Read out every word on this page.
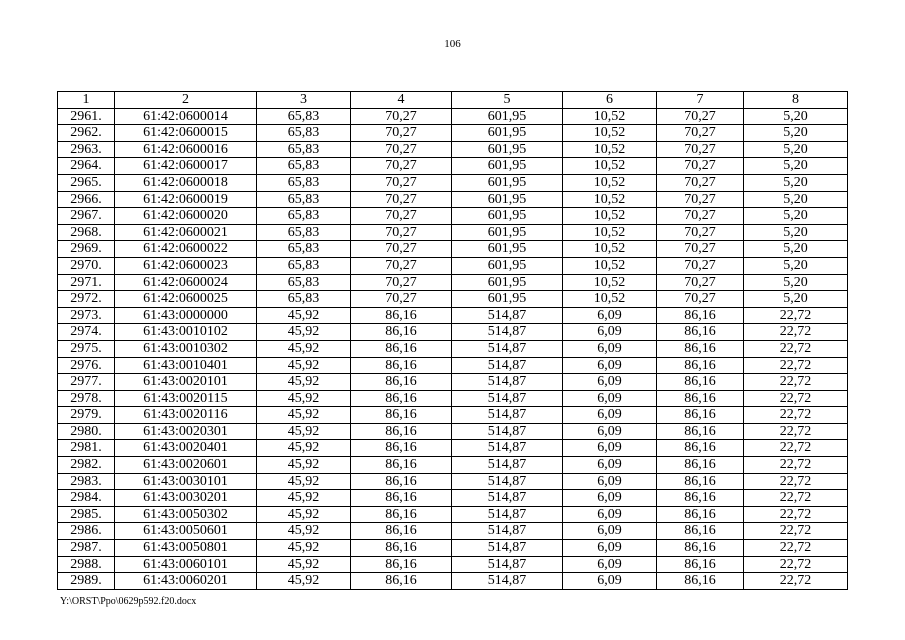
106
1	2	3	4	5	6	7	8
2961.	61:42:0600014	65,83	70,27	601,95	10,52	70,27	5,20
2962.	61:42:0600015	65,83	70,27	601,95	10,52	70,27	5,20
2963.	61:42:0600016	65,83	70,27	601,95	10,52	70,27	5,20
2964.	61:42:0600017	65,83	70,27	601,95	10,52	70,27	5,20
2965.	61:42:0600018	65,83	70,27	601,95	10,52	70,27	5,20
2966.	61:42:0600019	65,83	70,27	601,95	10,52	70,27	5,20
2967.	61:42:0600020	65,83	70,27	601,95	10,52	70,27	5,20
2968.	61:42:0600021	65,83	70,27	601,95	10,52	70,27	5,20
2969.	61:42:0600022	65,83	70,27	601,95	10,52	70,27	5,20
2970.	61:42:0600023	65,83	70,27	601,95	10,52	70,27	5,20
2971.	61:42:0600024	65,83	70,27	601,95	10,52	70,27	5,20
2972.	61:42:0600025	65,83	70,27	601,95	10,52	70,27	5,20
2973.	61:43:0000000	45,92	86,16	514,87	6,09	86,16	22,72
2974.	61:43:0010102	45,92	86,16	514,87	6,09	86,16	22,72
2975.	61:43:0010302	45,92	86,16	514,87	6,09	86,16	22,72
2976.	61:43:0010401	45,92	86,16	514,87	6,09	86,16	22,72
2977.	61:43:0020101	45,92	86,16	514,87	6,09	86,16	22,72
2978.	61:43:0020115	45,92	86,16	514,87	6,09	86,16	22,72
2979.	61:43:0020116	45,92	86,16	514,87	6,09	86,16	22,72
2980.	61:43:0020301	45,92	86,16	514,87	6,09	86,16	22,72
2981.	61:43:0020401	45,92	86,16	514,87	6,09	86,16	22,72
2982.	61:43:0020601	45,92	86,16	514,87	6,09	86,16	22,72
2983.	61:43:0030101	45,92	86,16	514,87	6,09	86,16	22,72
2984.	61:43:0030201	45,92	86,16	514,87	6,09	86,16	22,72
2985.	61:43:0050302	45,92	86,16	514,87	6,09	86,16	22,72
2986.	61:43:0050601	45,92	86,16	514,87	6,09	86,16	22,72
2987.	61:43:0050801	45,92	86,16	514,87	6,09	86,16	22,72
2988.	61:43:0060101	45,92	86,16	514,87	6,09	86,16	22,72
2989.	61:43:0060201	45,92	86,16	514,87	6,09	86,16	22,72
Y:\ORST\Ppo\0629p592.f20.docx
